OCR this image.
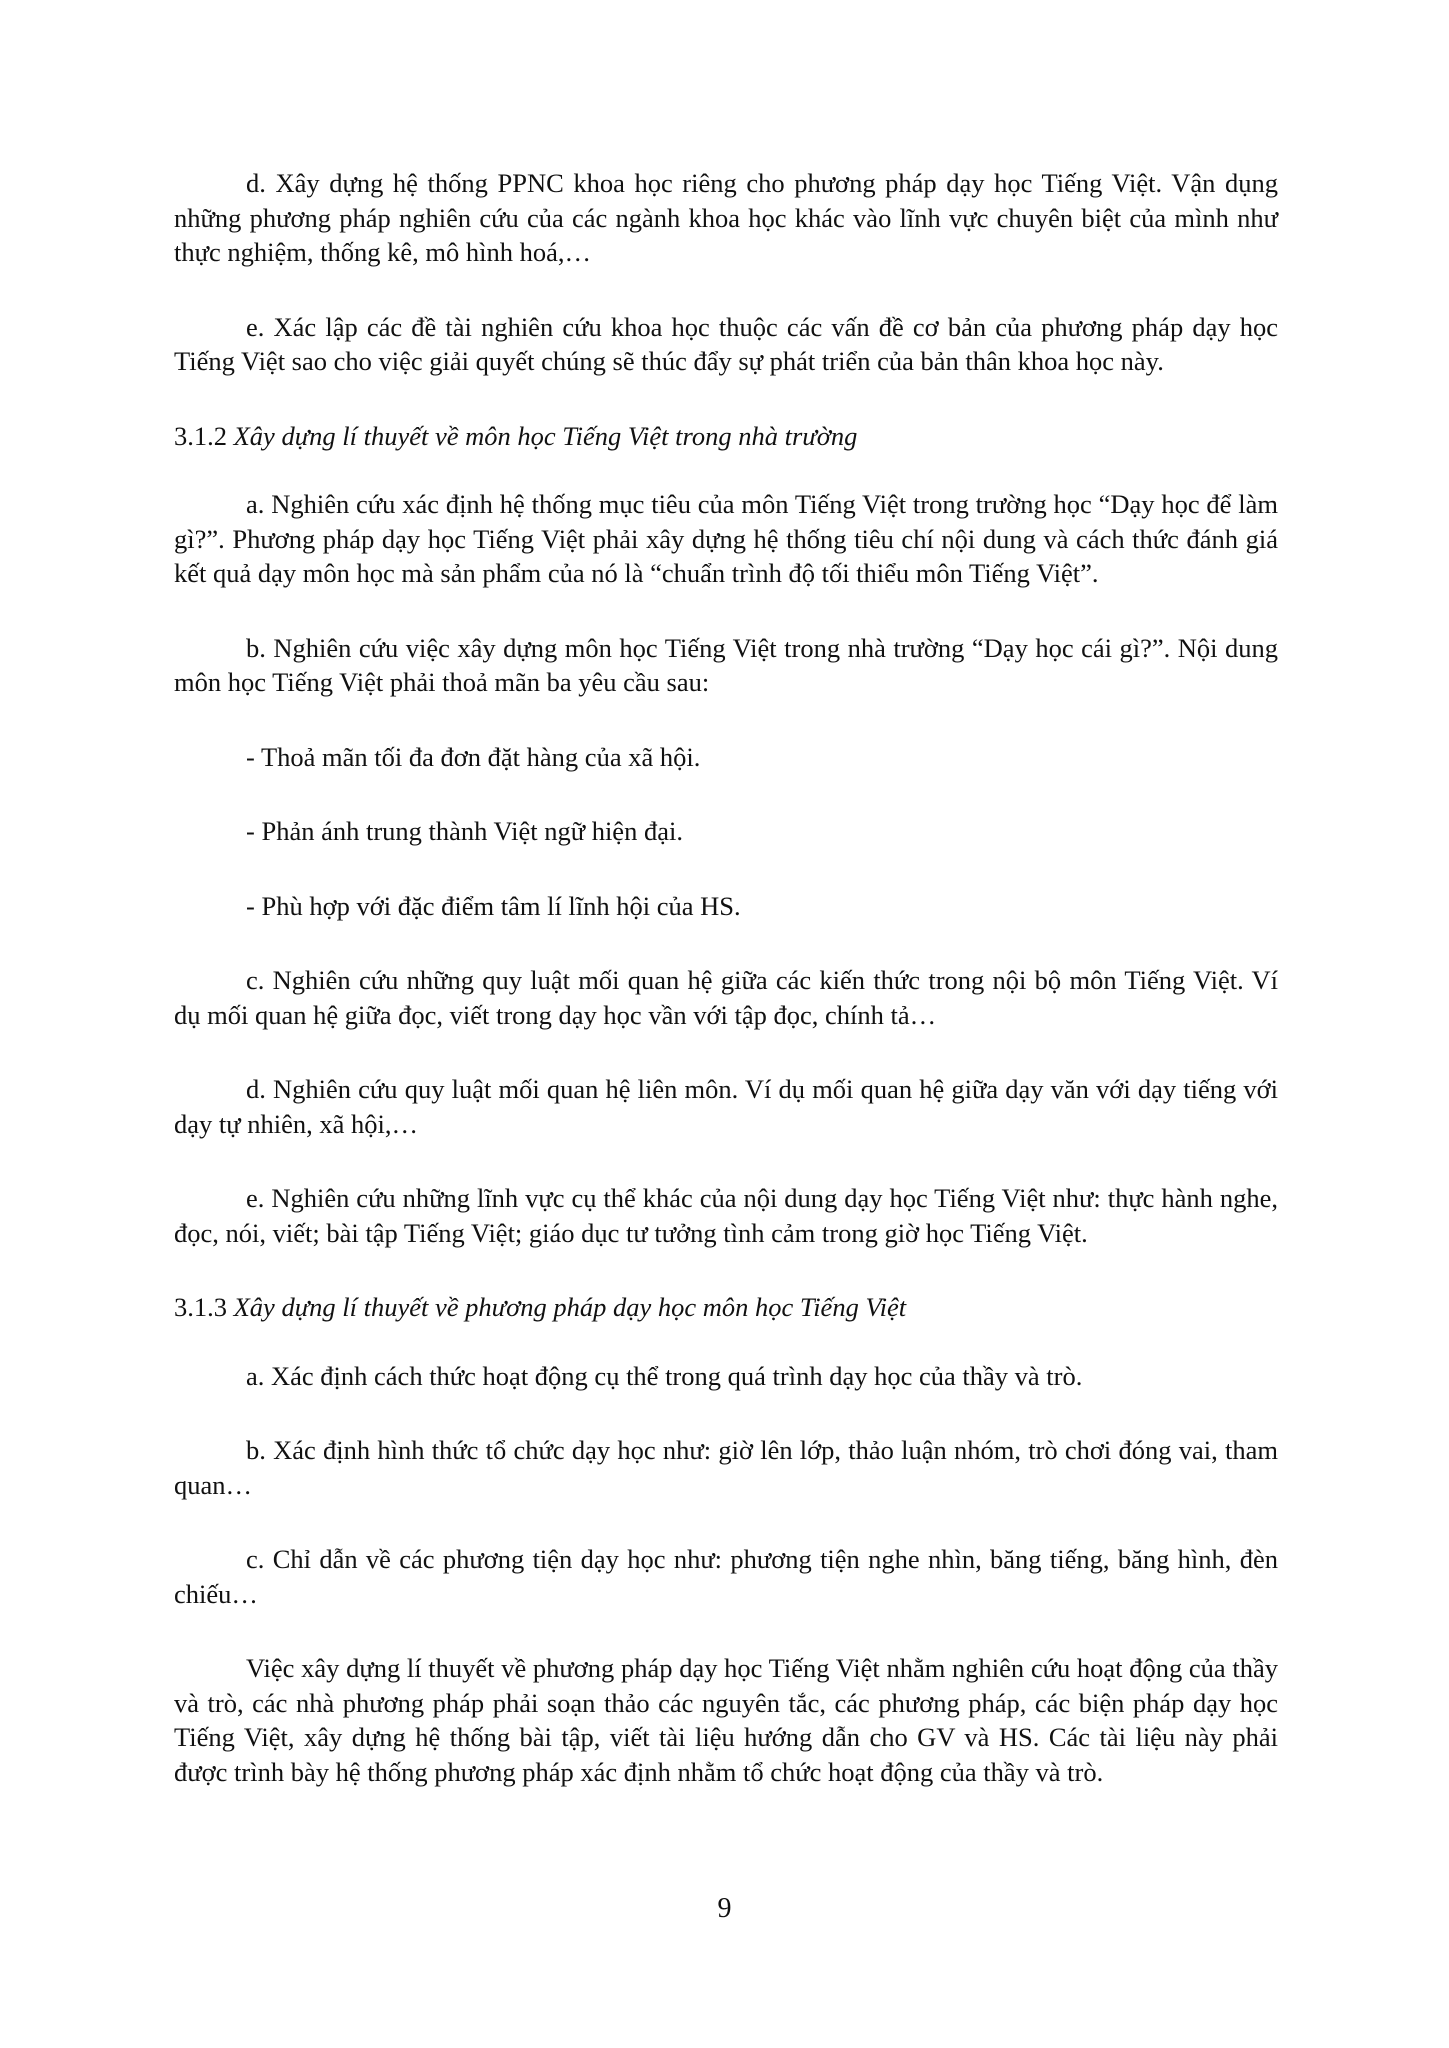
d. Xây dựng hệ thống PPNC khoa học riêng cho phương pháp dạy học Tiếng Việt. Vận dụng những phương pháp nghiên cứu của các ngành khoa học khác vào lĩnh vực chuyên biệt của mình như thực nghiệm, thống kê, mô hình hoá,…

e. Xác lập các đề tài nghiên cứu khoa học thuộc các vấn đề cơ bản của phương pháp dạy học Tiếng Việt sao cho việc giải quyết chúng sẽ thúc đẩy sự phát triển của bản thân khoa học này.

3.1.2 Xây dựng lí thuyết về môn học Tiếng Việt trong nhà trường

a. Nghiên cứu xác định hệ thống mục tiêu của môn Tiếng Việt trong trường học “Dạy học để làm gì?”. Phương pháp dạy học Tiếng Việt phải xây dựng hệ thống tiêu chí nội dung và cách thức đánh giá kết quả dạy môn học mà sản phẩm của nó là “chuẩn trình độ tối thiểu môn Tiếng Việt”.

b. Nghiên cứu việc xây dựng môn học Tiếng Việt trong nhà trường “Dạy học cái gì?”. Nội dung môn học Tiếng Việt phải thoả mãn ba yêu cầu sau:

- Thoả mãn tối đa đơn đặt hàng của xã hội.

- Phản ánh trung thành Việt ngữ hiện đại.

- Phù hợp với đặc điểm tâm lí lĩnh hội của HS.

c. Nghiên cứu những quy luật mối quan hệ giữa các kiến thức trong nội bộ môn Tiếng Việt. Ví dụ mối quan hệ giữa đọc, viết trong dạy học vần với tập đọc, chính tả…

d. Nghiên cứu quy luật mối quan hệ liên môn. Ví dụ mối quan hệ giữa dạy văn với dạy tiếng với dạy tự nhiên, xã hội,…

e. Nghiên cứu những lĩnh vực cụ thể khác của nội dung dạy học Tiếng Việt như: thực hành nghe, đọc, nói, viết; bài tập Tiếng Việt; giáo dục tư tưởng tình cảm trong giờ học Tiếng Việt.

3.1.3 Xây dựng lí thuyết về phương pháp dạy học môn học Tiếng Việt

a. Xác định cách thức hoạt động cụ thể trong quá trình dạy học của thầy và trò.

b. Xác định hình thức tổ chức dạy học như: giờ lên lớp, thảo luận nhóm, trò chơi đóng vai, tham quan…

c. Chỉ dẫn về các phương tiện dạy học như: phương tiện nghe nhìn, băng tiếng, băng hình, đèn chiếu…

Việc xây dựng lí thuyết về phương pháp dạy học Tiếng Việt nhằm nghiên cứu hoạt động của thầy và trò, các nhà phương pháp phải soạn thảo các nguyên tắc, các phương pháp, các biện pháp dạy học Tiếng Việt, xây dựng hệ thống bài tập, viết tài liệu hướng dẫn cho GV và HS. Các tài liệu này phải được trình bày hệ thống phương pháp xác định nhằm tổ chức hoạt động của thầy và trò.

9
